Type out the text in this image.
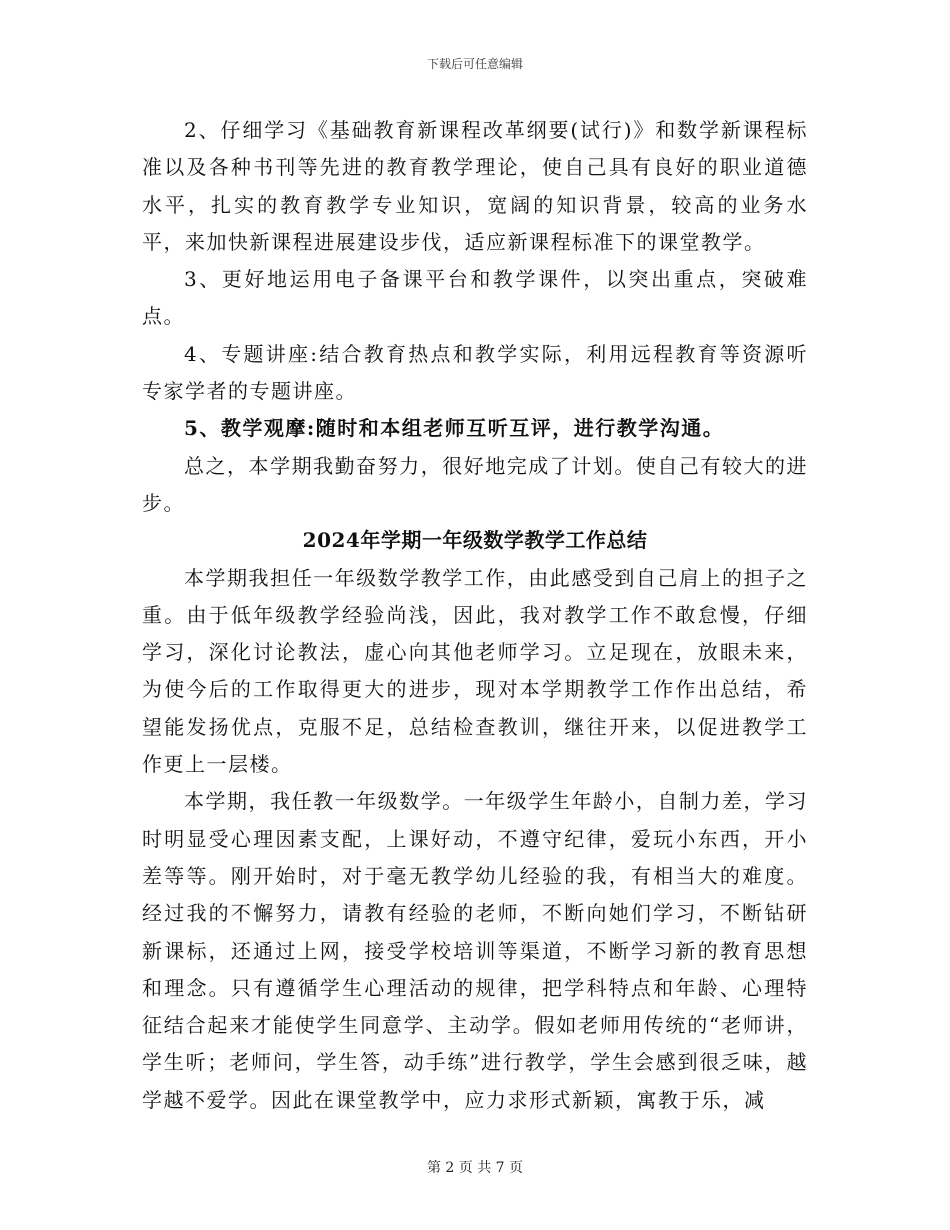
下载后可任意编辑

2、仔细学习《基础教育新课程改革纲要(试行)》和数学新课程标准以及各种书刊等先进的教育教学理论，使自己具有良好的职业道德水平，扎实的教育教学专业知识，宽阔的知识背景，较高的业务水平，来加快新课程进展建设步伐，适应新课程标准下的课堂教学。

3、更好地运用电子备课平台和教学课件，以突出重点，突破难点。

4、专题讲座:结合教育热点和教学实际，利用远程教育等资源听专家学者的专题讲座。

5、教学观摩:随时和本组老师互听互评，进行教学沟通。

总之，本学期我勤奋努力，很好地完成了计划。使自己有较大的进步。

2024年学期一年级数学教学工作总结

本学期我担任一年级数学教学工作，由此感受到自己肩上的担子之重。由于低年级教学经验尚浅，因此，我对教学工作不敢怠慢，仔细学习，深化讨论教法，虚心向其他老师学习。立足现在，放眼未来，为使今后的工作取得更大的进步，现对本学期教学工作作出总结，希望能发扬优点，克服不足，总结检查教训，继往开来，以促进教学工作更上一层楼。

本学期，我任教一年级数学。一年级学生年龄小，自制力差，学习时明显受心理因素支配，上课好动，不遵守纪律，爱玩小东西，开小差等等。刚开始时，对于毫无教学幼儿经验的我，有相当大的难度。经过我的不懈努力，请教有经验的老师，不断向她们学习，不断钻研新课标，还通过上网，接受学校培训等渠道，不断学习新的教育思想和理念。只有遵循学生心理活动的规律，把学科特点和年龄、心理特征结合起来才能使学生同意学、主动学。假如老师用传统的“老师讲，学生听；老师问，学生答，动手练”进行教学，学生会感到很乏味，越学越不爱学。因此在课堂教学中，应力求形式新颖，寓教于乐，减

第 2 页 共 7 页
